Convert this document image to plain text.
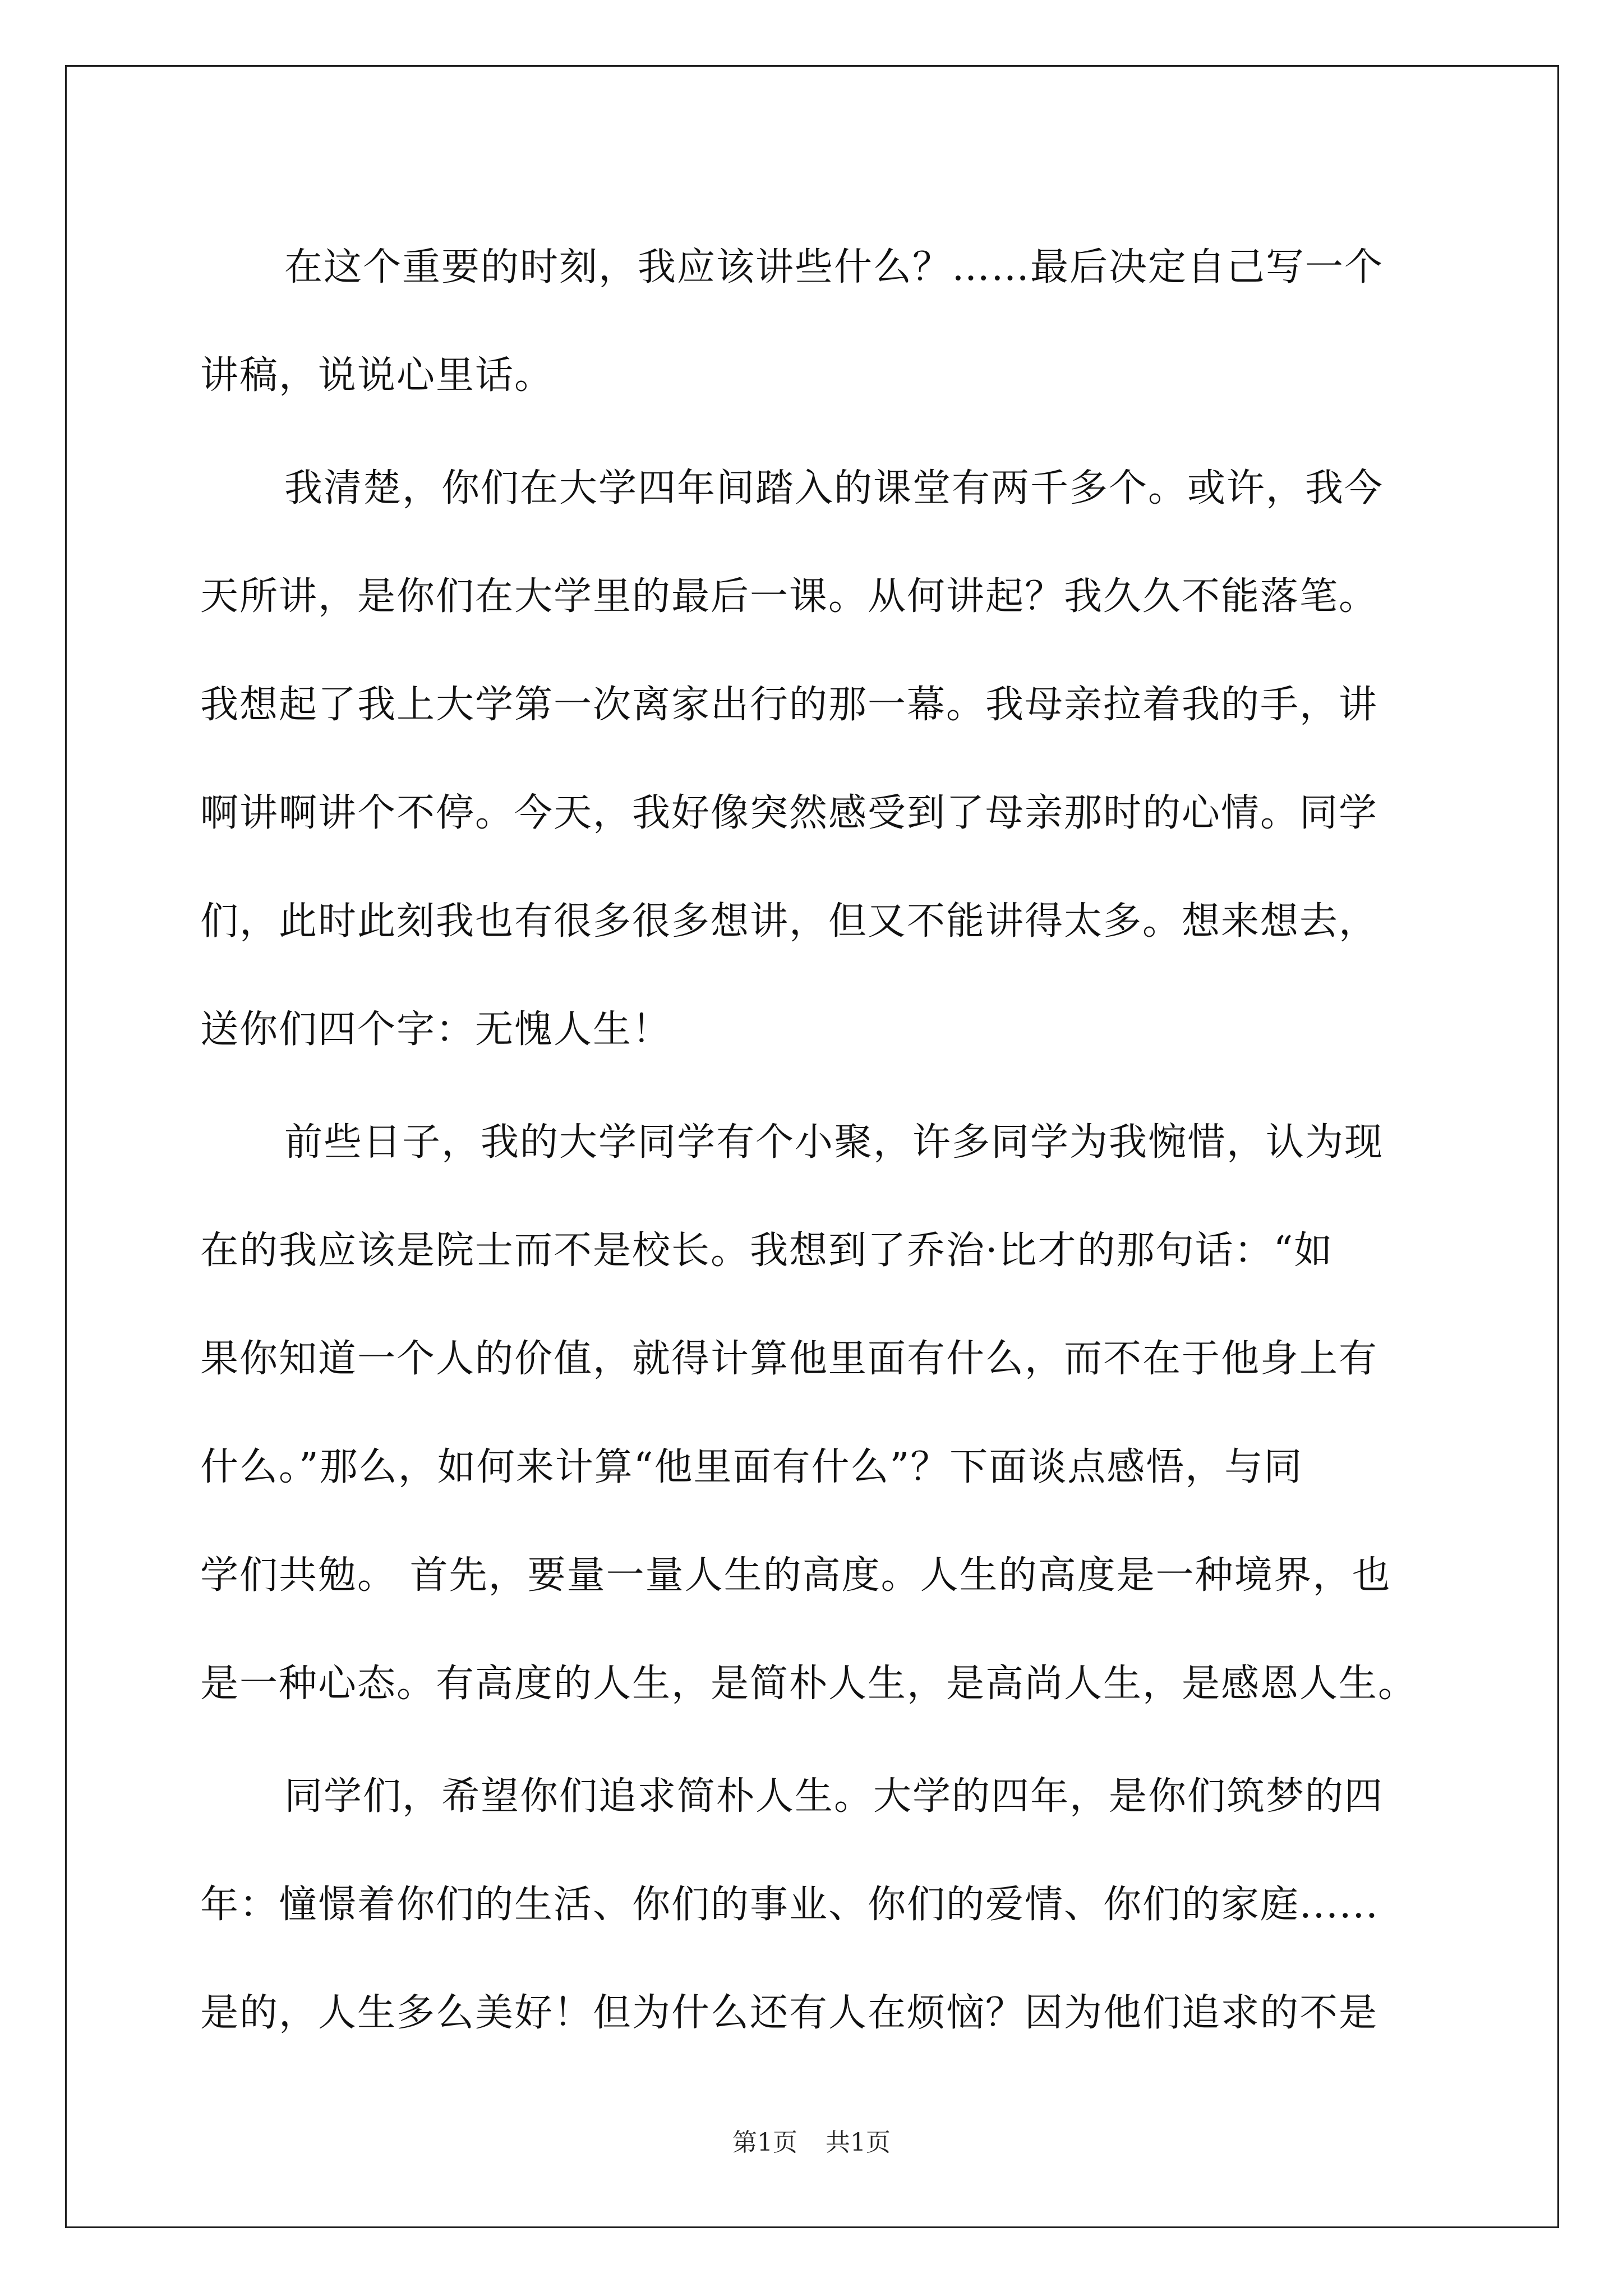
在这个重要的时刻，我应该讲些什么？……最后决定自己写一个
讲稿，说说心里话。
我清楚，你们在大学四年间踏入的课堂有两千多个。或许，我今
天所讲，是你们在大学里的最后一课。从何讲起？我久久不能落笔。
我想起了我上大学第一次离家出行的那一幕。我母亲拉着我的手，讲
啊讲啊讲个不停。今天，我好像突然感受到了母亲那时的心情。同学
们，此时此刻我也有很多很多想讲，但又不能讲得太多。想来想去，
送你们四个字：无愧人生！
前些日子，我的大学同学有个小聚，许多同学为我惋惜，认为现
在的我应该是院士而不是校长。我想到了乔治·比才的那句话：“如
果你知道一个人的价值，就得计算他里面有什么，而不在于他身上有
什么。”那么，如何来计算“他里面有什么”？下面谈点感悟，与同
学们共勉。 首先，要量一量人生的高度。人生的高度是一种境界，也
是一种心态。有高度的人生，是简朴人生，是高尚人生，是感恩人生。
同学们，希望你们追求简朴人生。大学的四年，是你们筑梦的四
年：憧憬着你们的生活、你们的事业、你们的爱情、你们的家庭......
是的，人生多么美好！但为什么还有人在烦恼？因为他们追求的不是
第1页 共1页
